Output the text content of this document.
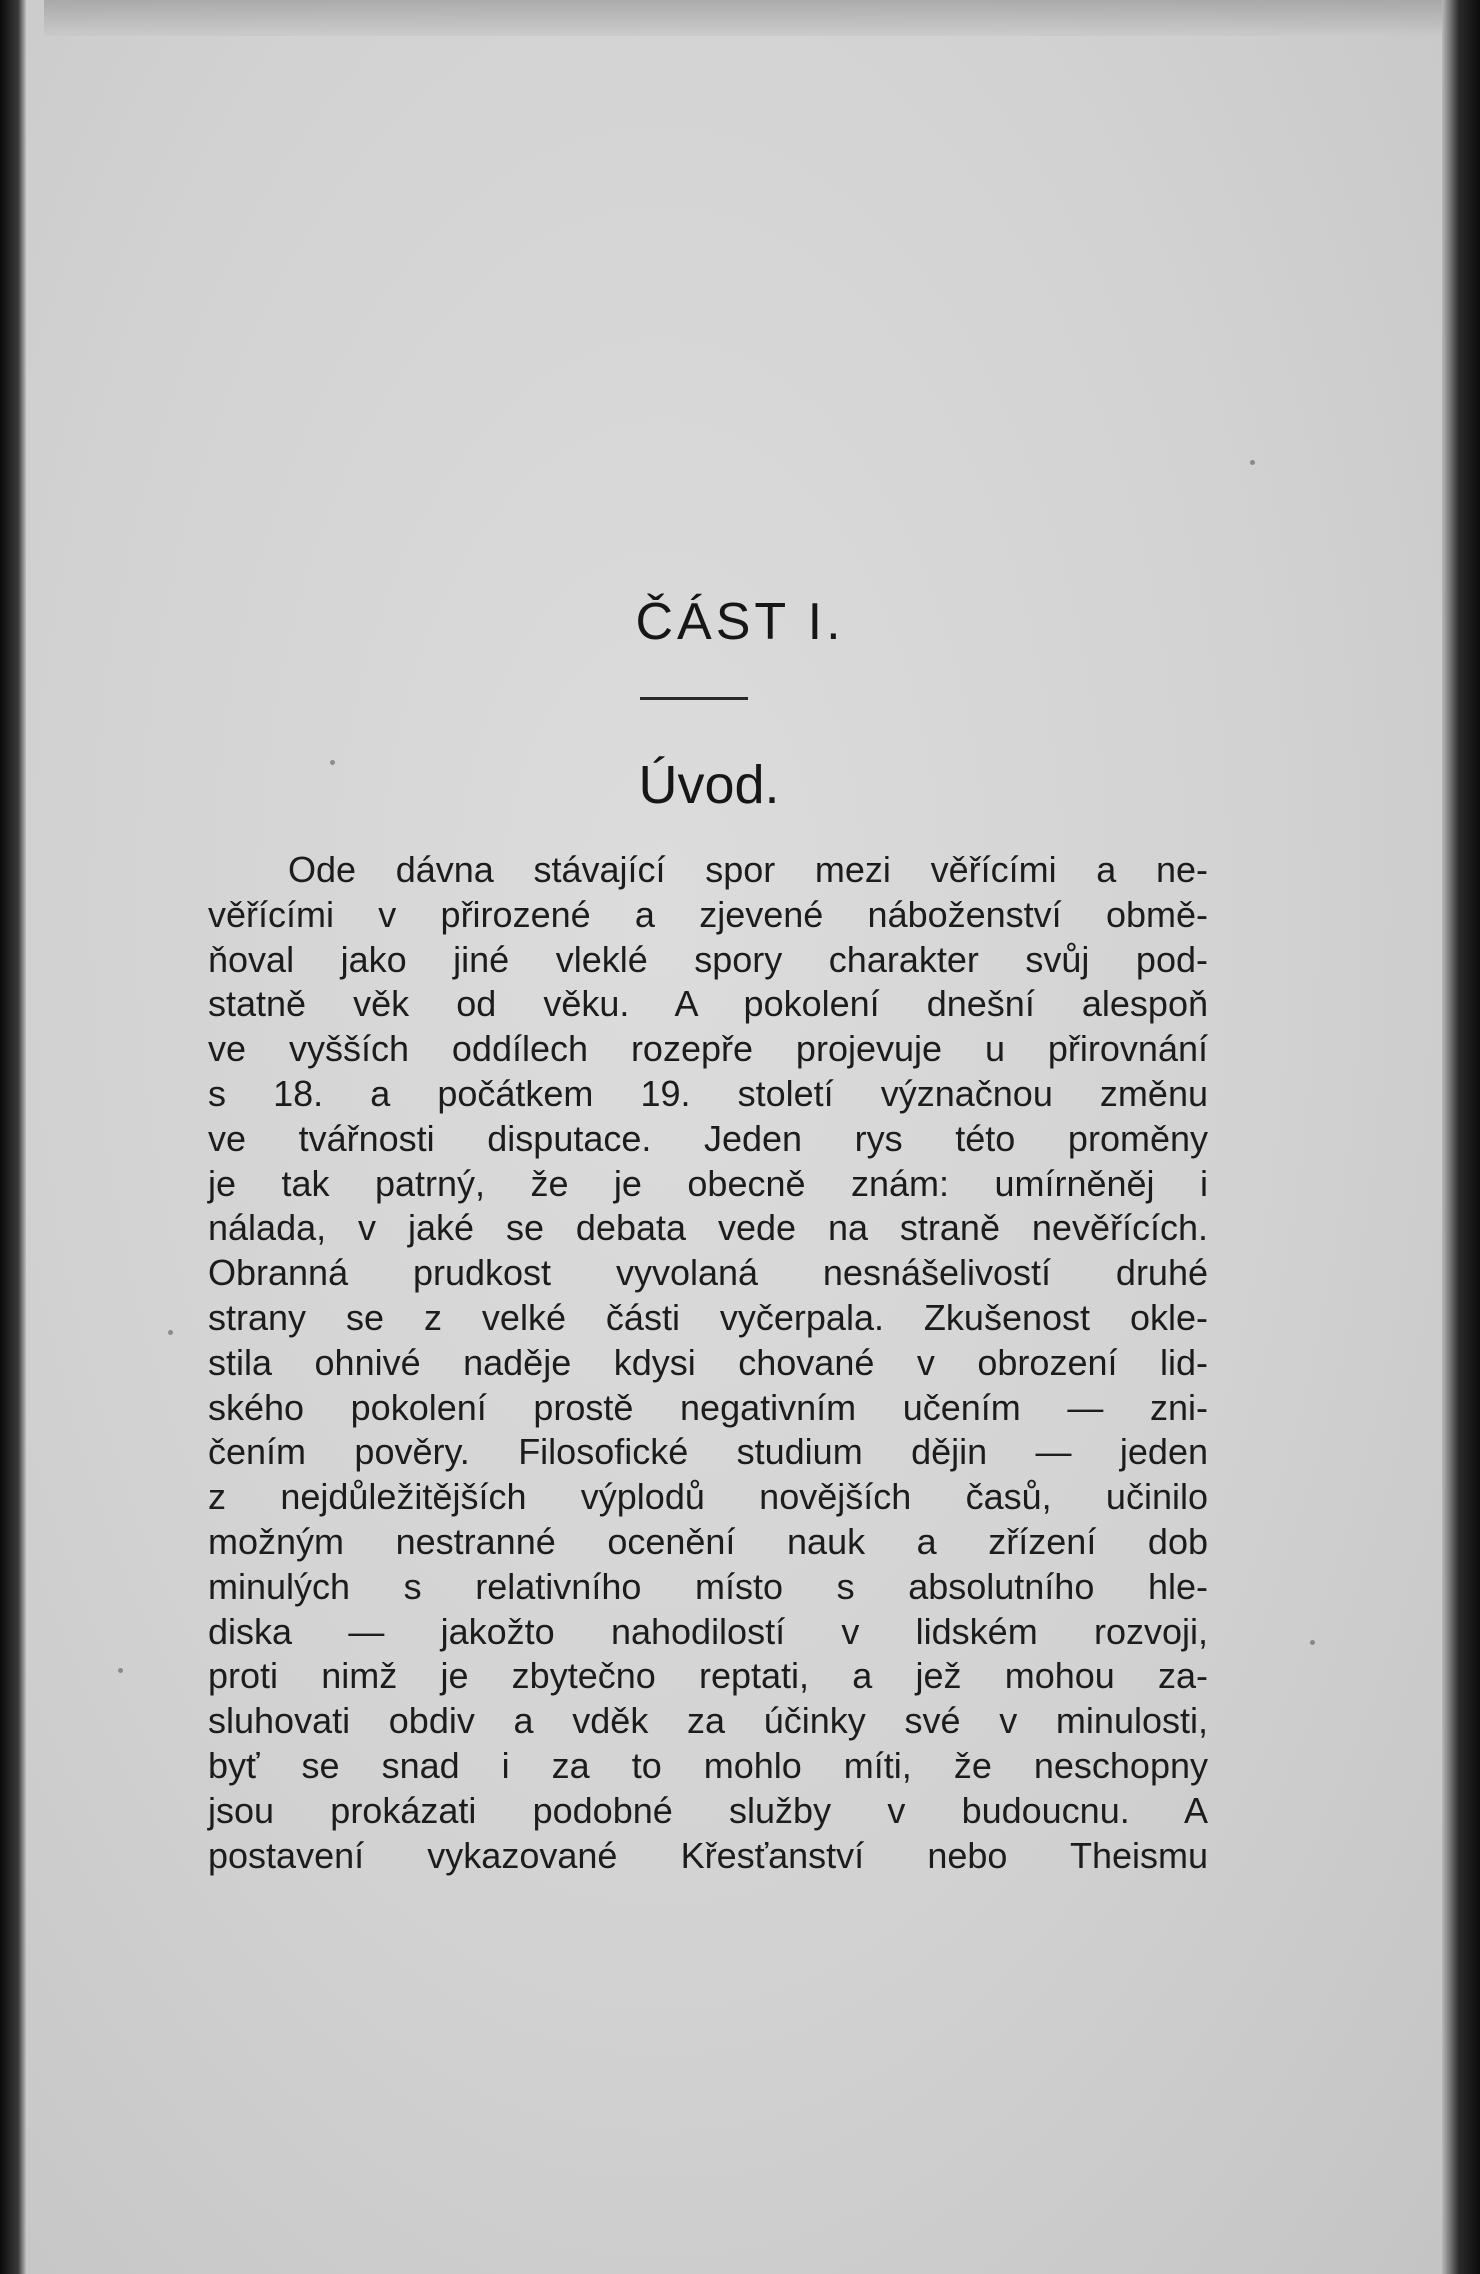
ČÁST I.
Úvod.
Ode dávna stávající spor mezi věřícími a ne-
věřícími v přirozené a zjevené náboženství obmě-
ňoval jako jiné vleklé spory charakter svůj pod-
statně věk od věku. A pokolení dnešní alespoň
ve vyšších oddílech rozepře projevuje u přirovnání
s 18. a počátkem 19. století význačnou změnu
ve tvářnosti disputace. Jeden rys této proměny
je tak patrný, že je obecně znám: umírněněj i
nálada, v jaké se debata vede na straně nevěřících.
Obranná prudkost vyvolaná nesnášelivostí druhé
strany se z velké části vyčerpala. Zkušenost okle-
stila ohnivé naděje kdysi chované v obrození lid-
ského pokolení prostě negativním učením — zni-
čením pověry. Filosofické studium dějin — jeden
z nejdůležitějších výplodů novějších časů, učinilo
možným nestranné ocenění nauk a zřízení dob
minulých s relativního místo s absolutního hle-
diska — jakožto nahodilostí v lidském rozvoji,
proti nimž je zbytečno reptati, a jež mohou za-
sluhovati obdiv a vděk za účinky své v minulosti,
byť se snad i za to mohlo míti, že neschopny
jsou prokázati podobné služby v budoucnu. A
postavení vykazované Křesťanství nebo Theismu
